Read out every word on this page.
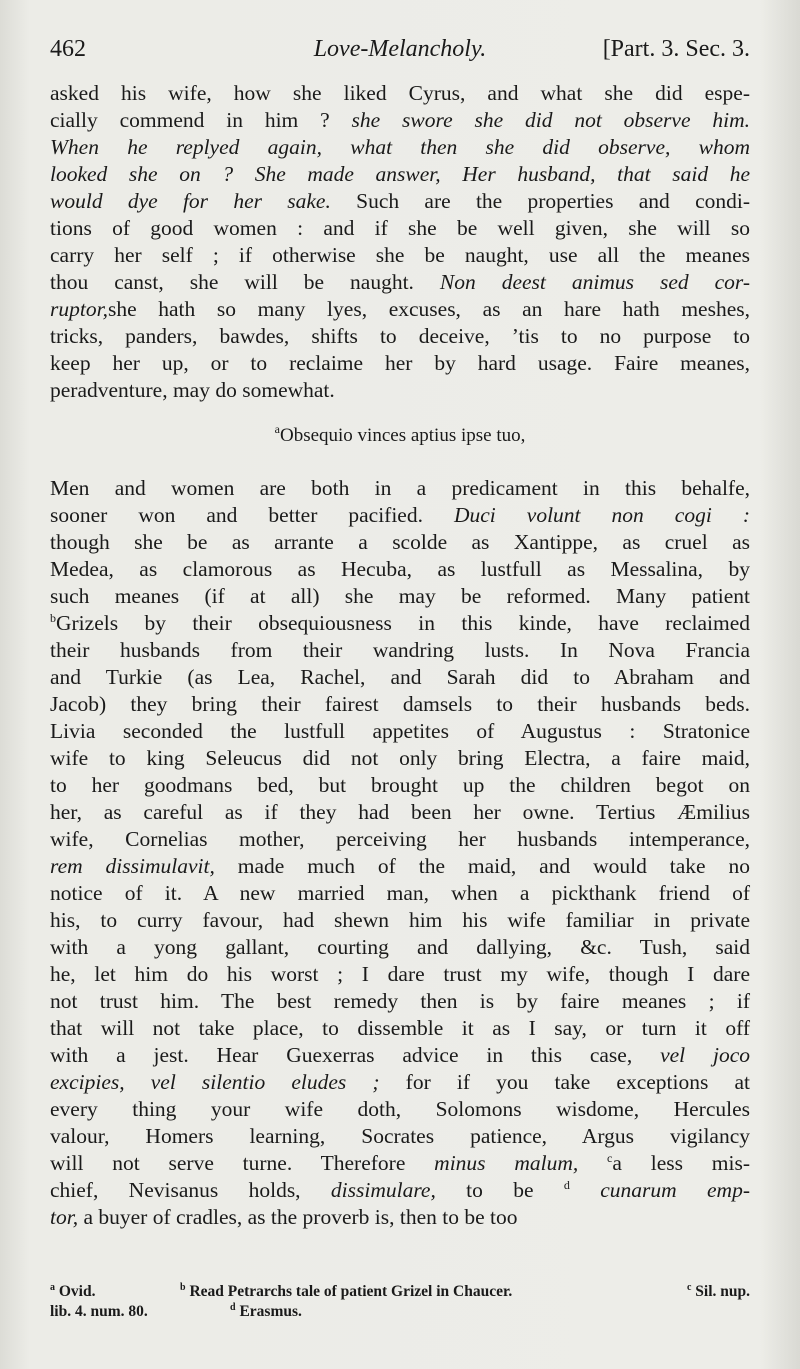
462	Love-Melancholy.	[Part. 3. Sec. 3.
asked his wife, how she liked Cyrus, and what she did espe-
cially commend in him ? she swore she did not observe him.
When he replyed again, what then she did observe, whom
looked she on ? She made answer, Her husband, that said he
would dye for her sake. Such are the properties and condi-
tions of good women : and if she be well given, she will so
carry her self ; if otherwise she be naught, use all the meanes
thou canst, she will be naught. Non deest animus sed cor-
ruptor,she hath so many lyes, excuses, as an hare hath meshes,
tricks, panders, bawdes, shifts to deceive, ’tis to no purpose to
keep her up, or to reclaime her by hard usage. Faire meanes,
peradventure, may do somewhat.
$^a$Obsequio vinces aptius ipse tuo,
Men and women are both in a predicament in this behalfe,
sooner won and better pacified. Duci volunt non cogi :
though she be as arrante a scolde as Xantippe, as cruel as
Medea, as clamorous as Hecuba, as lustfull as Messalina, by
such meanes (if at all) she may be reformed. Many patient
$^b$Grizels by their obsequiousness in this kinde, have reclaimed
their husbands from their wandring lusts. In Nova Francia
and Turkie (as Lea, Rachel, and Sarah did to Abraham and
Jacob) they bring their fairest damsels to their husbands beds.
Livia seconded the lustfull appetites of Augustus : Stratonice
wife to king Seleucus did not only bring Electra, a faire maid,
to her goodmans bed, but brought up the children begot on
her, as careful as if they had been her owne. Tertius Æmilius
wife, Cornelias mother, perceiving her husbands intemperance,
rem dissimulavit, made much of the maid, and would take no
notice of it. A new married man, when a pickthank friend of
his, to curry favour, had shewn him his wife familiar in private
with a yong gallant, courting and dallying, &c. Tush, said
he, let him do his worst ; I dare trust my wife, though I dare
not trust him. The best remedy then is by faire meanes ; if
that will not take place, to dissemble it as I say, or turn it off
with a jest. Hear Guexerras advice in this case, vel joco
excipies, vel silentio eludes ; for if you take exceptions at
every thing your wife doth, Solomons wisdome, Hercules
valour, Homers learning, Socrates patience, Argus vigilancy
will not serve turne. Therefore minus malum, $^c$a less mis-
chief, Nevisanus holds, dissimulare, to be $^d$ cunarum emp-
tor, a buyer of cradles, as the proverb is, then to be too
$^a$ Ovid.
lib. 4. num. 80.
$^b$ Read Petrarchs tale of patient Grizel in Chaucer.
$^d$ Erasmus.
$^c$ Sil. nup.
